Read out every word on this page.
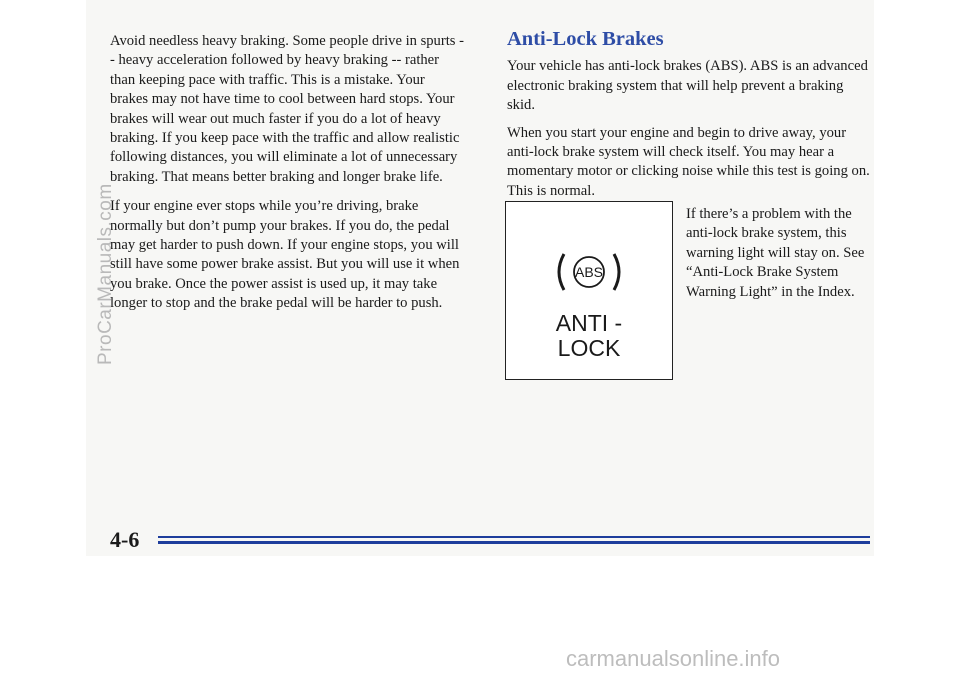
Avoid needless heavy braking. Some people drive in spurts -- heavy acceleration followed by heavy braking -- rather than keeping pace with traffic. This is a mistake. Your brakes may not have time to cool between hard stops. Your brakes will wear out much faster if you do a lot of heavy braking. If you keep pace with the traffic and allow realistic following distances, you will eliminate a lot of unnecessary braking. That means better braking and longer brake life.

If your engine ever stops while you’re driving, brake normally but don’t pump your brakes. If you do, the pedal may get harder to push down. If your engine stops, you will still have some power brake assist. But you will use it when you brake. Once the power assist is used up, it may take longer to stop and the brake pedal will be harder to push.

Anti-Lock Brakes

Your vehicle has anti-lock brakes (ABS). ABS is an advanced electronic braking system that will help prevent a braking skid.

When you start your engine and begin to drive away, your anti-lock brake system will check itself. You may hear a momentary motor or clicking noise while this test is going on. This is normal.

ABS
ANTI -
LOCK
If there’s a problem with the anti-lock brake system, this warning light will stay on. See “Anti-Lock Brake System Warning Light” in the Index.
4-6
ProCarManuals.com
carmanualsonline.info
